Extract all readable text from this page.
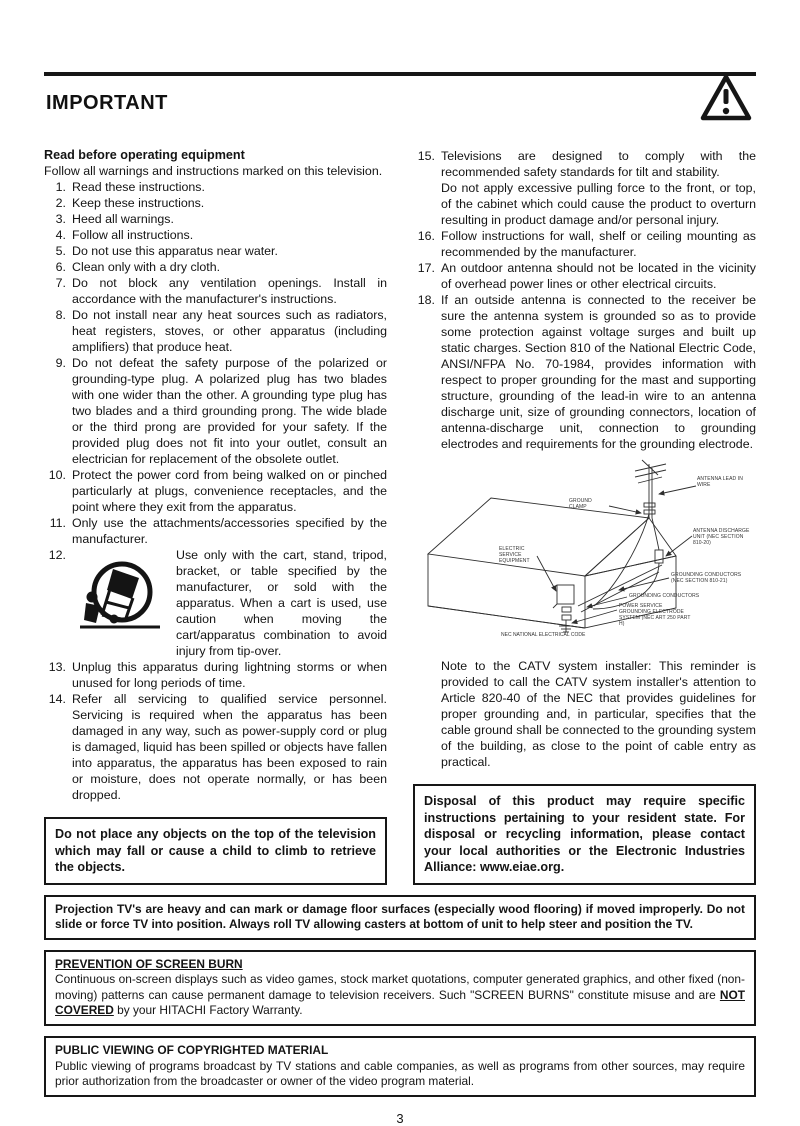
IMPORTANT

Read before operating equipment

Follow all warnings and instructions marked on this television.

1. Read these instructions.
2. Keep these instructions.
3. Heed all warnings.
4. Follow all instructions.
5. Do not use this apparatus near water.
6. Clean only with a dry cloth.
7. Do not block any ventilation openings. Install in accordance with the manufacturer's instructions.
8. Do not install near any heat sources such as radiators, heat registers, stoves, or other apparatus (including amplifiers) that produce heat.
9. Do not defeat the safety purpose of the polarized or grounding-type plug. A polarized plug has two blades with one wider than the other. A grounding type plug has two blades and a third grounding prong. The wide blade or the third prong are provided for your safety. If the provided plug does not fit into your outlet, consult an electrician for replacement of the obsolete outlet.
10. Protect the power cord from being walked on or pinched particularly at plugs, convenience receptacles, and the point where they exit from the apparatus.
11. Only use the attachments/accessories specified by the manufacturer.
12.	Use only with the cart, stand, tripod, bracket, or table specified by the manufacturer, or sold with the apparatus. When a cart is used, use caution when moving the cart/apparatus combination to avoid injury from tip-over.
13. Unplug this apparatus during lightning storms or when unused for long periods of time.
14. Refer all servicing to qualified service personnel. Servicing is required when the apparatus has been damaged in any way, such as power-supply cord or plug is damaged, liquid has been spilled or objects have fallen into apparatus, the apparatus has been exposed to rain or moisture, does not operate normally, or has been dropped.

Do not place any objects on the top of the television which may fall or cause a child to climb to retrieve the objects.

15. Televisions are designed to comply with the recommended safety standards for tilt and stability.
Do not apply excessive pulling force to the front, or top, of the cabinet which could cause the product to overturn resulting in product damage and/or personal injury.
16. Follow instructions for wall, shelf or ceiling mounting as recommended by the manufacturer.
17. An outdoor antenna should not be located in the vicinity of overhead power lines or other electrical circuits.
18. If an outside antenna is connected to the receiver be sure the antenna system is grounded so as to provide some protection against voltage surges and built up static charges. Section 810 of the National Electric Code, ANSI/NFPA No. 70-1984, provides information with respect to proper grounding for the mast and supporting structure, grounding of the lead-in wire to an antenna discharge unit, size of grounding connectors, location of antenna-discharge unit, connection to grounding electrodes and requirements for the grounding electrode.
ANTENNA LEAD IN WIRE
GROUND CLAMP
ANTENNA DISCHARGE UNIT (NEC SECTION 810-20)
ELECTRIC SERVICE EQUIPMENT
GROUNDING CONDUCTORS (NEC SECTION 810-21)
GROUNDING CONDUCTORS
POWER SERVICE GROUNDING ELECTRODE SYSTEM (NEC ART 250 PART H)
NEC NATIONAL ELECTRICAL CODE

Note to the CATV system installer: This reminder is provided to call the CATV system installer's attention to Article 820-40 of the NEC that provides guidelines for proper grounding and, in particular, specifies that the cable ground shall be connected to the grounding system of the building, as close to the point of cable entry as practical.

Disposal of this product may require specific instructions pertaining to your resident state. For disposal or recycling information, please contact your local authorities or the Electronic Industries Alliance: www.eiae.org.

Projection TV's are heavy and can mark or damage floor surfaces (especially wood flooring) if moved improperly. Do not slide or force TV into position. Always roll TV allowing casters at bottom of unit to help steer and position the TV.

PREVENTION OF SCREEN BURN

Continuous on-screen displays such as video games, stock market quotations, computer generated graphics, and other fixed (non-moving) patterns can cause permanent damage to television receivers. Such "SCREEN BURNS" constitute misuse and are NOT COVERED by your HITACHI Factory Warranty.

PUBLIC VIEWING OF COPYRIGHTED MATERIAL

Public viewing of programs broadcast by TV stations and cable companies, as well as programs from other sources, may require prior authorization from the broadcaster or owner of the video program material.

3
